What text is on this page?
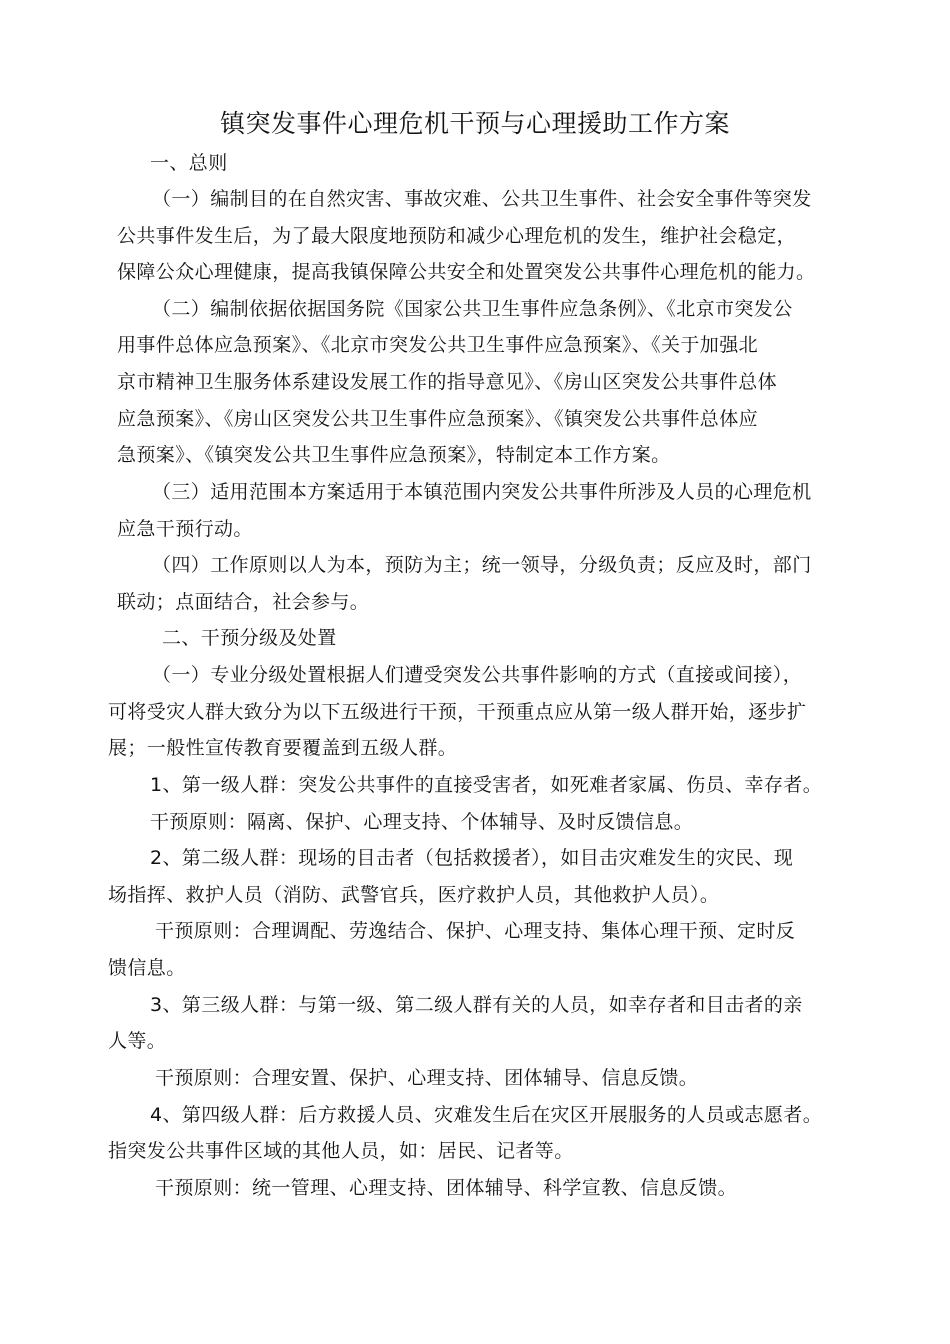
镇突发事件心理危机干预与心理援助工作方案
一、总则
（一）编制目的在自然灾害、事故灾难、公共卫生事件、社会安全事件等突发
公共事件发生后，为了最大限度地预防和减少心理危机的发生，维护社会稳定，
保障公众心理健康，提高我镇保障公共安全和处置突发公共事件心理危机的能力。
（二）编制依据依据国务院《国家公共卫生事件应急条例》、《北京市突发公
用事件总体应急预案》、《北京市突发公共卫生事件应急预案》、《关于加强北
京市精神卫生服务体系建设发展工作的指导意见》、《房山区突发公共事件总体
应急预案》、《房山区突发公共卫生事件应急预案》、《镇突发公共事件总体应
急预案》、《镇突发公共卫生事件应急预案》，特制定本工作方案。
（三）适用范围本方案适用于本镇范围内突发公共事件所涉及人员的心理危机
应急干预行动。
（四）工作原则以人为本，预防为主；统一领导，分级负责；反应及时，部门
联动；点面结合，社会参与。
二、干预分级及处置
（一）专业分级处置根据人们遭受突发公共事件影响的方式（直接或间接），
可将受灾人群大致分为以下五级进行干预，干预重点应从第一级人群开始，逐步扩
展；一般性宣传教育要覆盖到五级人群。
1、第一级人群：突发公共事件的直接受害者，如死难者家属、伤员、幸存者。
干预原则：隔离、保护、心理支持、个体辅导、及时反馈信息。
2、第二级人群：现场的目击者（包括救援者），如目击灾难发生的灾民、现
场指挥、救护人员（消防、武警官兵，医疗救护人员，其他救护人员）。
干预原则：合理调配、劳逸结合、保护、心理支持、集体心理干预、定时反
馈信息。
3、第三级人群：与第一级、第二级人群有关的人员，如幸存者和目击者的亲
人等。
干预原则：合理安置、保护、心理支持、团体辅导、信息反馈。
4、第四级人群：后方救援人员、灾难发生后在灾区开展服务的人员或志愿者。
指突发公共事件区域的其他人员，如：居民、记者等。
干预原则：统一管理、心理支持、团体辅导、科学宣教、信息反馈。
